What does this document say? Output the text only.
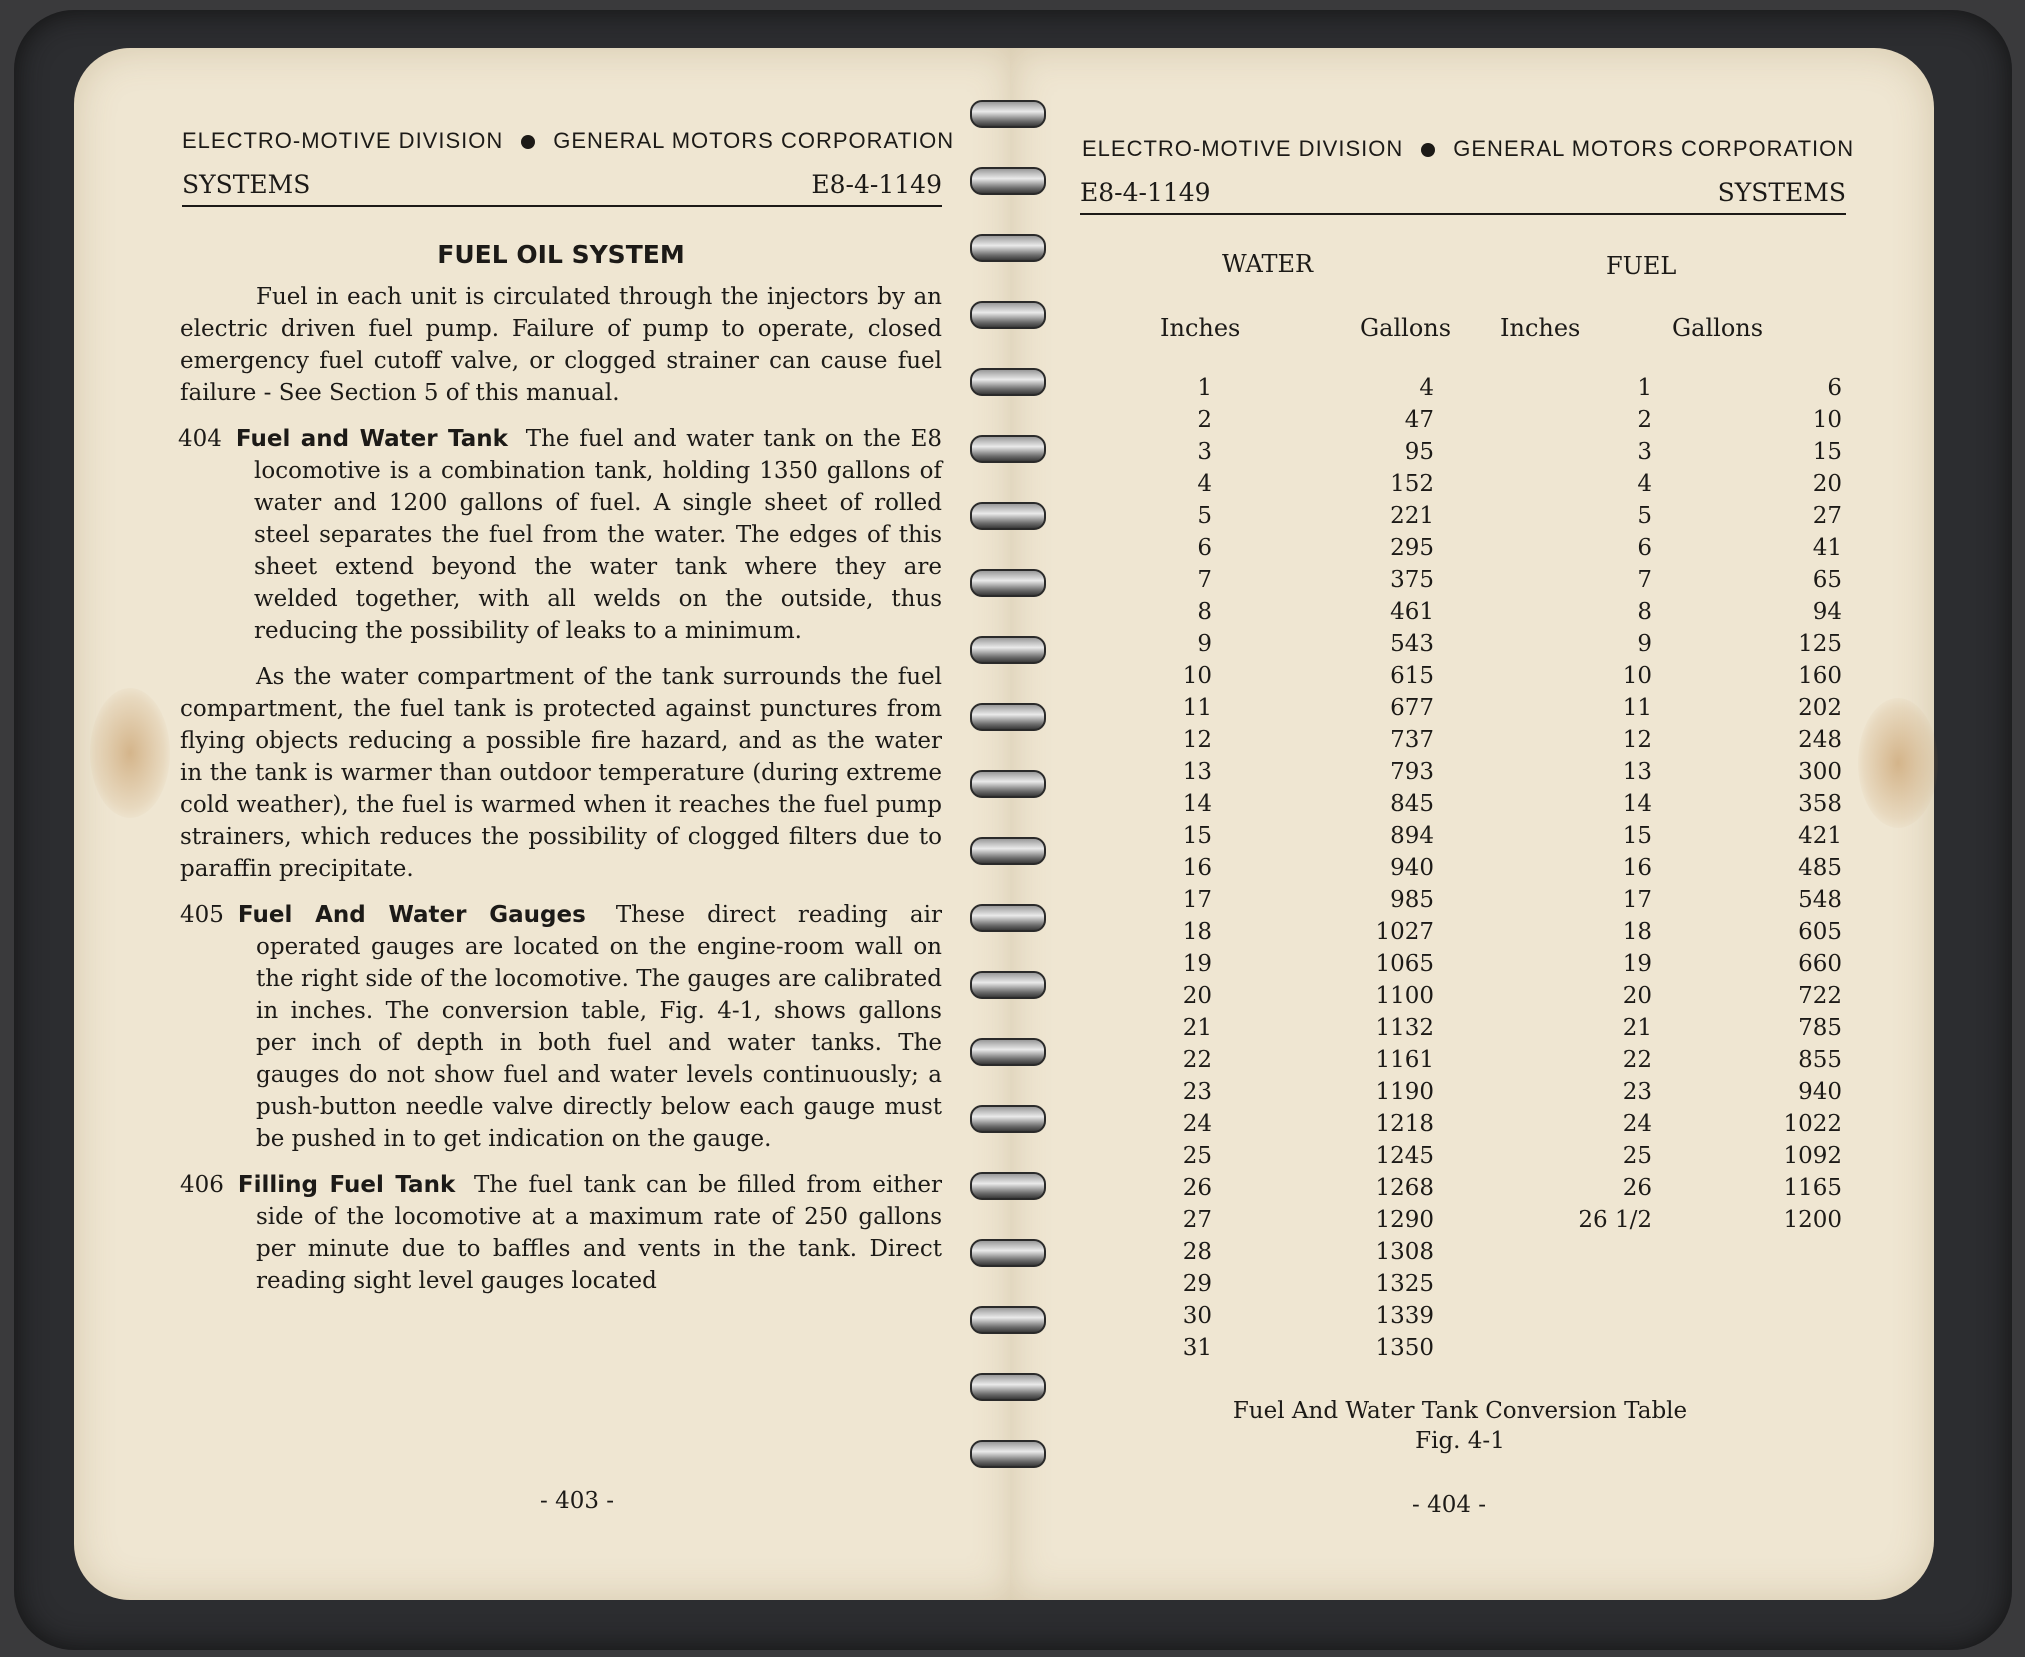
ELECTRO-MOTIVE DIVISION GENERAL MOTORS CORPORATION
SYSTEMS	E8-4-1149
FUEL OIL SYSTEM

Fuel in each unit is circulated through the injectors by an electric driven fuel pump. Failure of pump to operate, closed emergency fuel cutoff valve, or clogged strainer can cause fuel failure - See Section 5 of this manual.

404 Fuel and Water Tank The fuel and water tank on the E8 locomotive is a combination tank, holding 1350 gallons of water and 1200 gallons of fuel. A single sheet of rolled steel separates the fuel from the water. The edges of this sheet extend beyond the water tank where they are welded together, with all welds on the outside, thus reducing the possibility of leaks to a minimum.

As the water compartment of the tank surrounds the fuel compartment, the fuel tank is protected against punctures from flying objects reducing a possible fire hazard, and as the water in the tank is warmer than outdoor temperature (during extreme cold weather), the fuel is warmed when it reaches the fuel pump strainers, which reduces the possibility of clogged filters due to paraffin precipitate.

405 Fuel And Water Gauges These direct reading air operated gauges are located on the engine-room wall on the right side of the locomotive. The gauges are calibrated in inches. The conversion table, Fig. 4-1, shows gallons per inch of depth in both fuel and water tanks. The gauges do not show fuel and water levels continuously; a push-button needle valve directly below each gauge must be pushed in to get indication on the gauge.

406 Filling Fuel Tank The fuel tank can be filled from either side of the locomotive at a maximum rate of 250 gallons per minute due to baffles and vents in the tank. Direct reading sight level gauges located

- 403 -
ELECTRO-MOTIVE DIVISION GENERAL MOTORS CORPORATION
E8-4-1149	SYSTEMS
WATER	FUEL
Inches	Gallons Inches	Gallons
1	4	1	6
2	47	2	10
3	95	3	15
4	152	4	20
5	221	5	27
6	295	6	41
7	375	7	65
8	461	8	94
9	543	9	125
10	615	10	160
11	677	11	202
12	737	12	248
13	793	13	300
14	845	14	358
15	894	15	421
16	940	16	485
17	985	17	548
18	1027	18	605
19	1065	19	660
20	1100	20	722
21	1132	21	785
22	1161	22	855
23	1190	23	940
24	1218	24	1022
25	1245	25	1092
26	1268	26	1165
27	1290	26 1/2	1200
28	1308		
29	1325		
30	1339		
31	1350		
Fuel And Water Tank Conversion Table
Fig. 4-1
- 404 -
